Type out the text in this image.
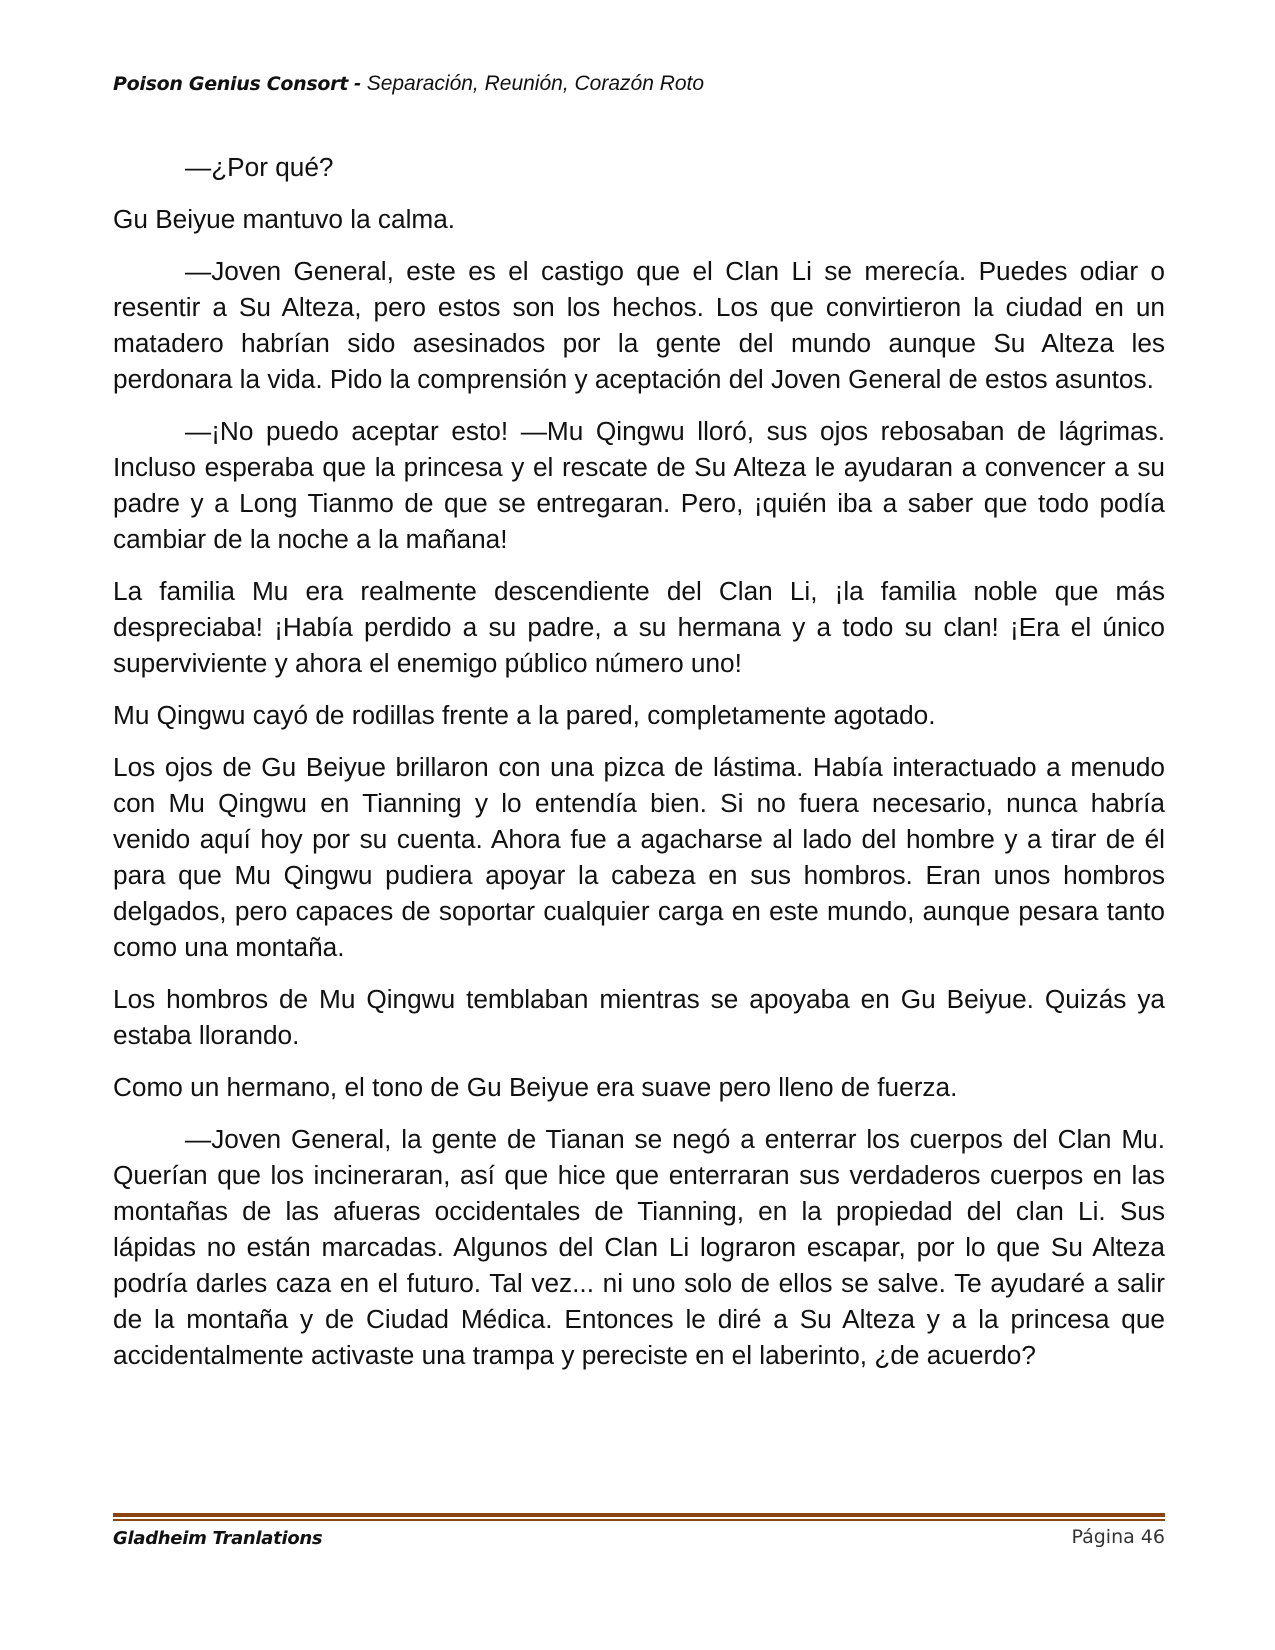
Poison Genius Consort - Separación, Reunión, Corazón Roto

—¿Por qué?

Gu Beiyue mantuvo la calma.

—Joven General, este es el castigo que el Clan Li se merecía. Puedes odiar o resentir a Su Alteza, pero estos son los hechos. Los que convirtieron la ciudad en un matadero habrían sido asesinados por la gente del mundo aunque Su Alteza les perdonara la vida. Pido la comprensión y aceptación del Joven General de estos asuntos.

—¡No puedo aceptar esto! —Mu Qingwu lloró, sus ojos rebosaban de lágrimas. Incluso esperaba que la princesa y el rescate de Su Alteza le ayudaran a convencer a su padre y a Long Tianmo de que se entregaran. Pero, ¡quién iba a saber que todo podía cambiar de la noche a la mañana!

La familia Mu era realmente descendiente del Clan Li, ¡la familia noble que más despreciaba! ¡Había perdido a su padre, a su hermana y a todo su clan! ¡Era el único superviviente y ahora el enemigo público número uno!

Mu Qingwu cayó de rodillas frente a la pared, completamente agotado.

Los ojos de Gu Beiyue brillaron con una pizca de lástima. Había interactuado a menudo con Mu Qingwu en Tianning y lo entendía bien. Si no fuera necesario, nunca habría venido aquí hoy por su cuenta. Ahora fue a agacharse al lado del hombre y a tirar de él para que Mu Qingwu pudiera apoyar la cabeza en sus hombros. Eran unos hombros delgados, pero capaces de soportar cualquier carga en este mundo, aunque pesara tanto como una montaña.

Los hombros de Mu Qingwu temblaban mientras se apoyaba en Gu Beiyue. Quizás ya estaba llorando.

Como un hermano, el tono de Gu Beiyue era suave pero lleno de fuerza.

—Joven General, la gente de Tianan se negó a enterrar los cuerpos del Clan Mu. Querían que los incineraran, así que hice que enterraran sus verdaderos cuerpos en las montañas de las afueras occidentales de Tianning, en la propiedad del clan Li. Sus lápidas no están marcadas. Algunos del Clan Li lograron escapar, por lo que Su Alteza podría darles caza en el futuro. Tal vez... ni uno solo de ellos se salve. Te ayudaré a salir de la montaña y de Ciudad Médica. Entonces le diré a Su Alteza y a la princesa que accidentalmente activaste una trampa y pereciste en el laberinto, ¿de acuerdo?

Gladheim Tranlations	Página 46
